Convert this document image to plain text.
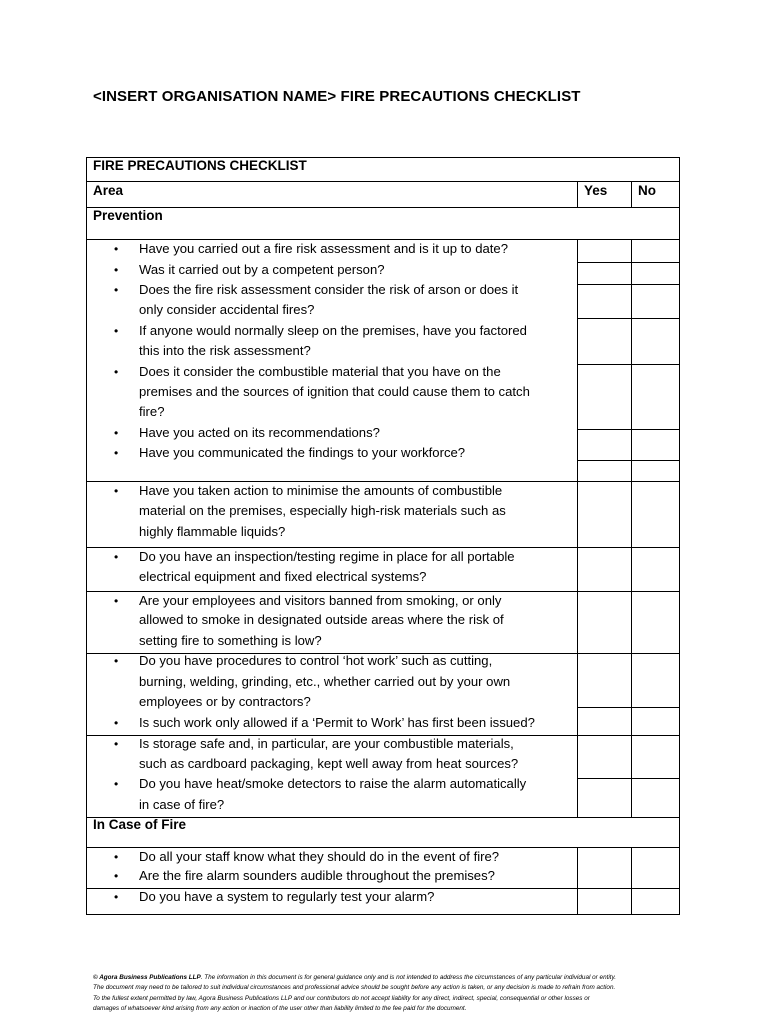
<INSERT ORGANISATION NAME> FIRE PRECAUTIONS CHECKLIST
FIRE PRECAUTIONS CHECKLIST
Area	Yes No
Prevention
• Have you carried out a fire risk assessment and is it up to date?
• Was it carried out by a competent person?
• Does the fire risk assessment consider the risk of arson or does it
only consider accidental fires?
• If anyone would normally sleep on the premises, have you factored
this into the risk assessment?
• Does it consider the combustible material that you have on the
premises and the sources of ignition that could cause them to catch
fire?
• Have you acted on its recommendations?
• Have you communicated the findings to your workforce?
• Have you taken action to minimise the amounts of combustible
material on the premises, especially high-risk materials such as
highly flammable liquids?
• Do you have an inspection/testing regime in place for all portable
electrical equipment and fixed electrical systems?
• Are your employees and visitors banned from smoking, or only
allowed to smoke in designated outside areas where the risk of
setting fire to something is low?
• Do you have procedures to control ‘hot work’ such as cutting,
burning, welding, grinding, etc., whether carried out by your own
employees or by contractors?
• Is such work only allowed if a ‘Permit to Work’ has first been issued?
• Is storage safe and, in particular, are your combustible materials,
such as cardboard packaging, kept well away from heat sources?
• Do you have heat/smoke detectors to raise the alarm automatically
in case of fire?
In Case of Fire
• Do all your staff know what they should do in the event of fire?
• Are the fire alarm sounders audible throughout the premises?
• Do you have a system to regularly test your alarm?
© Agora Business Publications LLP. The information in this document is for general guidance only and is not intended to address the circumstances of any particular individual or entity.
The document may need to be tailored to suit individual circumstances and professional advice should be sought before any action is taken, or any decision is made to refrain from action.
To the fullest extent permitted by law, Agora Business Publications LLP and our contributors do not accept liability for any direct, indirect, special, consequential or other losses or
damages of whatsoever kind arising from any action or inaction of the user other than liability limited to the fee paid for the document.
